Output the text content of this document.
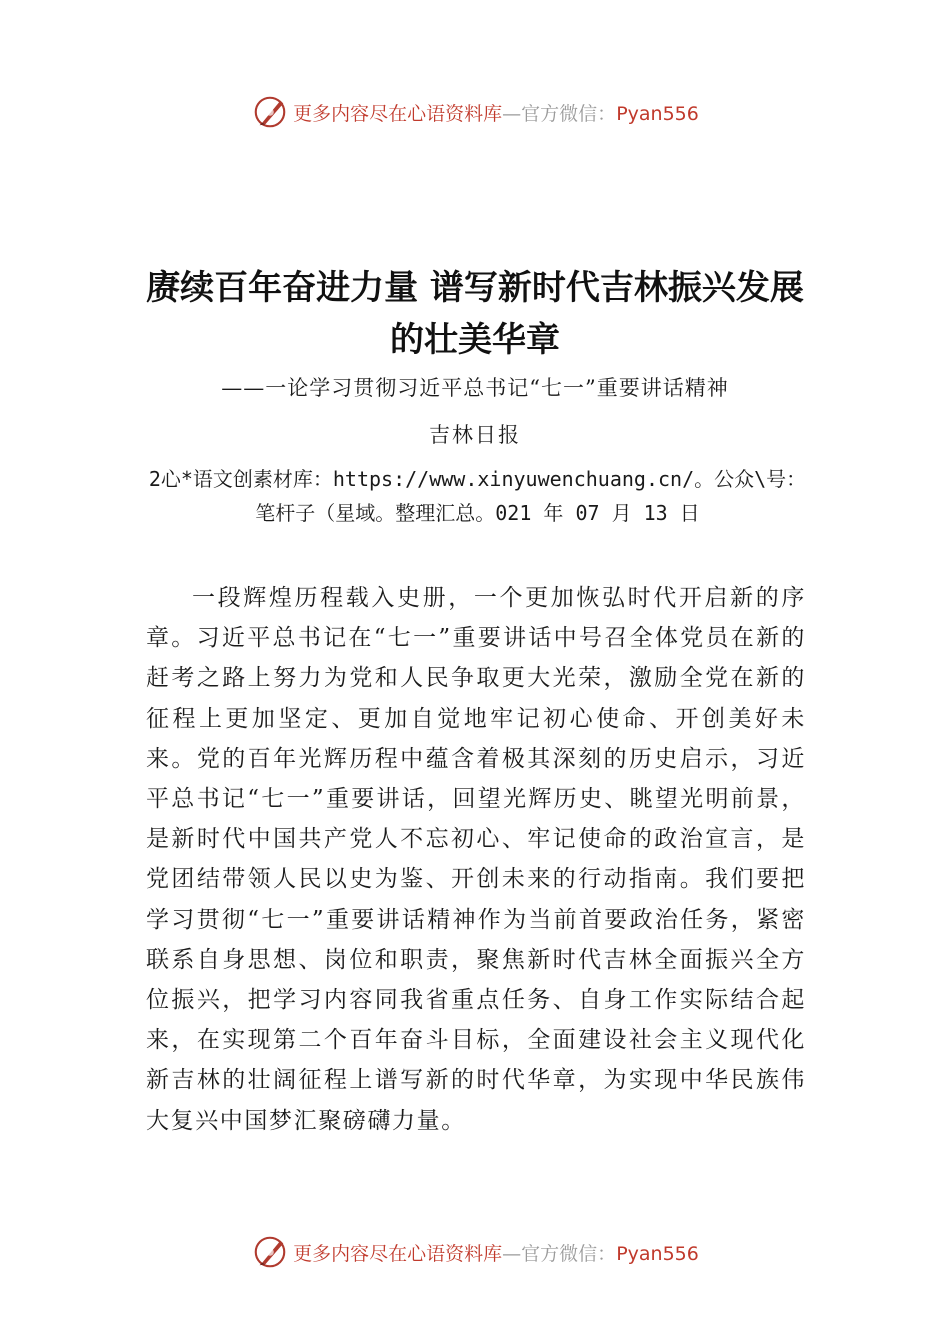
更多内容尽在心语资料库—官方微信：Pyan556
赓续百年奋进力量 谱写新时代吉林振兴发展的壮美华章
——一论学习贯彻习近平总书记“七一”重要讲话精神
吉林日报
2心*语文创素材库：https://www.xinyuwenchuang.cn/。公众\号：笔杆子（星域。整理汇总。021 年 07 月 13 日
一段辉煌历程载入史册，一个更加恢弘时代开启新的序章。习近平总书记在“七一”重要讲话中号召全体党员在新的赶考之路上努力为党和人民争取更大光荣，激励全党在新的征程上更加坚定、更加自觉地牢记初心使命、开创美好未来。党的百年光辉历程中蕴含着极其深刻的历史启示，习近平总书记“七一”重要讲话，回望光辉历史、眺望光明前景，是新时代中国共产党人不忘初心、牢记使命的政治宣言，是党团结带领人民以史为鉴、开创未来的行动指南。我们要把学习贯彻“七一”重要讲话精神作为当前首要政治任务，紧密联系自身思想、岗位和职责，聚焦新时代吉林全面振兴全方位振兴，把学习内容同我省重点任务、自身工作实际结合起来，在实现第二个百年奋斗目标，全面建设社会主义现代化新吉林的壮阔征程上谱写新的时代华章，为实现中华民族伟大复兴中国梦汇聚磅礴力量。
更多内容尽在心语资料库—官方微信：Pyan556
